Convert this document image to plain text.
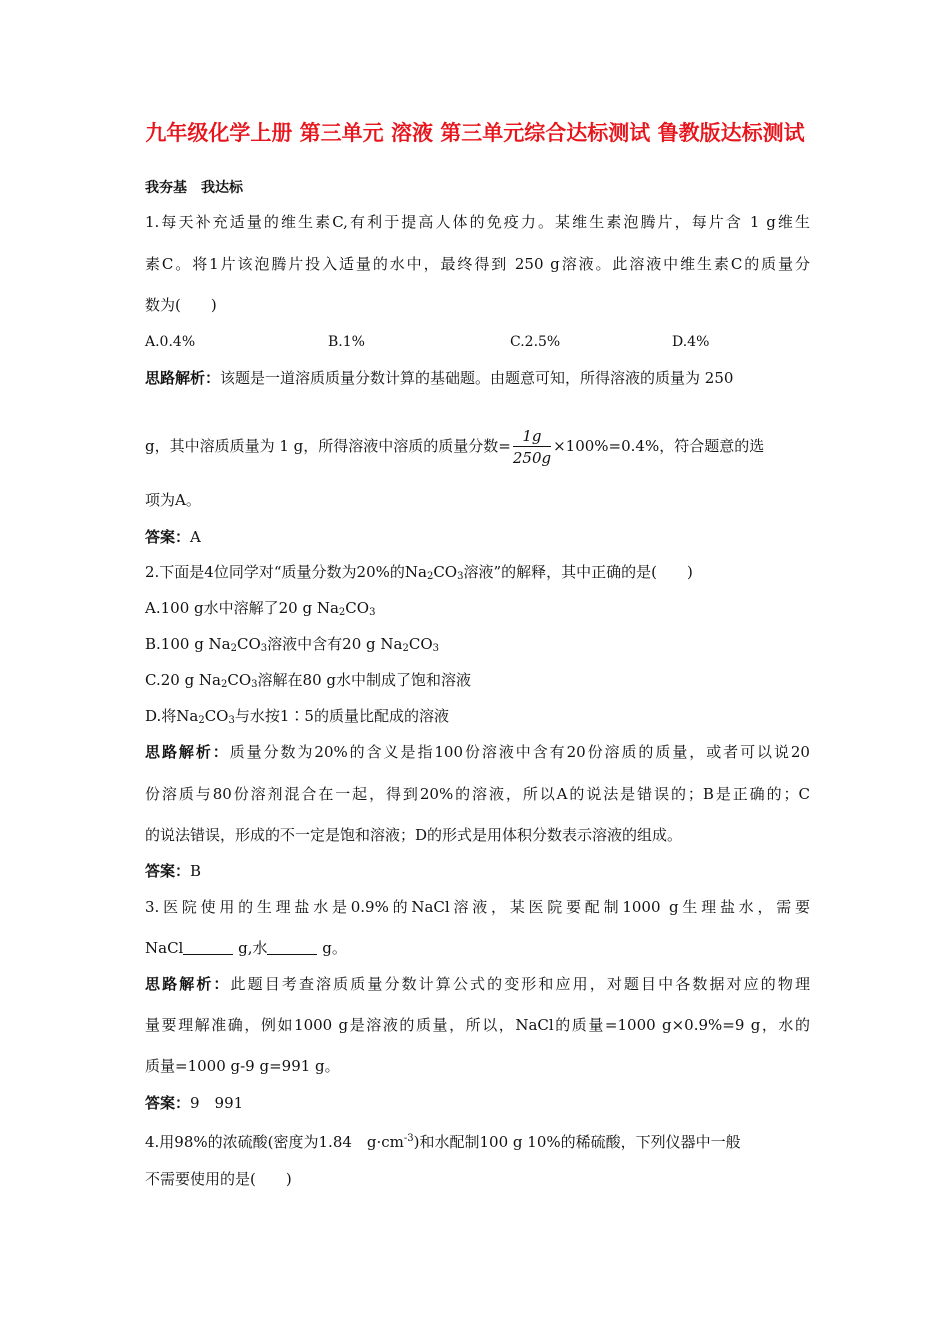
九年级化学上册 第三单元 溶液 第三单元综合达标测试 鲁教版达标测试
我夯基　我达标
1.每天补充适量的维生素C,有利于提高人体的免疫力。某维生素泡腾片，每片含 1 g维生
素C。将1片该泡腾片投入适量的水中，最终得到 250 g溶液。此溶液中维生素C的质量分
数为(　　)
A.0.4%	B.1%	C.2.5%	D.4%
思路解析：该题是一道溶质质量分数计算的基础题。由题意可知，所得溶液的质量为 250
g，其中溶质质量为 1 g，所得溶液中溶质的质量分数= $\frac{1g}{250g} \times 100\%=0.4\%$，符合题意的选
项为A。
答案：A
2.下面是4位同学对“质量分数为20%的$Na_2CO_3$溶液”的解释，其中正确的是(　　)
A.100 g水中溶解了20 g $Na_2CO_3$
B.100 g $Na_2CO_3$溶液中含有20 g $Na_2CO_3$
C.20 g $Na_2CO_3$溶解在80 g水中制成了饱和溶液
D.将$Na_2CO_3$与水按1∶5的质量比配成的溶液
思路解析：质量分数为20%的含义是指100份溶液中含有20份溶质的质量，或者可以说20
份溶质与80份溶剂混合在一起，得到20%的溶液，所以A的说法是错误的；B是正确的；C
的说法错误，形成的不一定是饱和溶液；D的形式是用体积分数表示溶液的组成。
答案：B
3.医院使用的生理盐水是0.9%的NaCl溶液，某医院要配制1000 g生理盐水，需要
NaCl	g,水	g。
思路解析：此题目考查溶质质量分数计算公式的变形和应用，对题目中各数据对应的物理
量要理解准确，例如1000 g是溶液的质量，所以，NaCl的质量=1000 g×0.9%=9 g，水的
质量=1000 g-9 g=991 g。
答案：9　991
4.用98%的浓硫酸(密度为1.84　$g\cdot cm^{-3}$)和水配制100 g 10%的稀硫酸，下列仪器中一般
不需要使用的是(　　)
